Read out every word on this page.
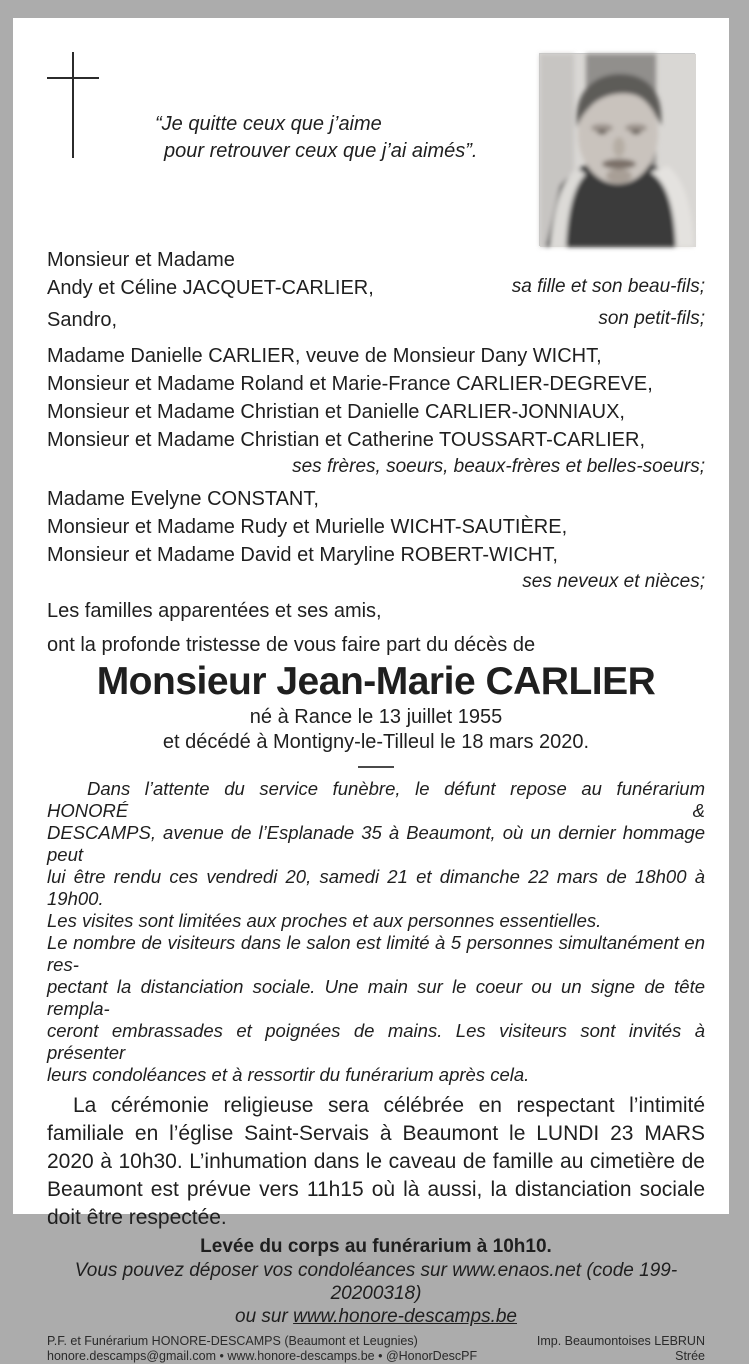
“Je quitte ceux que j’aime
pour retrouver ceux que j’ai aimés”.
Monsieur et Madame
Andy et Céline JACQUET-CARLIER,	sa fille et son beau-fils;
Sandro,	son petit-fils;
Madame Danielle CARLIER, veuve de Monsieur Dany WICHT,
Monsieur et Madame Roland et Marie-France CARLIER-DEGREVE,
Monsieur et Madame Christian et Danielle CARLIER-JONNIAUX,
Monsieur et Madame Christian et Catherine TOUSSART-CARLIER,
ses frères, soeurs, beaux-frères et belles-soeurs;
Madame Evelyne CONSTANT,
Monsieur et Madame Rudy et Murielle WICHT-SAUTIÈRE,
Monsieur et Madame David et Maryline ROBERT-WICHT,
ses neveux et nièces;
Les familles apparentées et ses amis,
ont la profonde tristesse de vous faire part du décès de
Monsieur Jean-Marie CARLIER
né à Rance le 13 juillet 1955
et décédé à Montigny-le-Tilleul le 18 mars 2020.
Dans l’attente du service funèbre, le défunt repose au funérarium HONORÉ &
DESCAMPS, avenue de l’Esplanade 35 à Beaumont, où un dernier hommage peut
lui être rendu ces vendredi 20, samedi 21 et dimanche 22 mars de 18h00 à 19h00.
Les visites sont limitées aux proches et aux personnes essentielles.
Le nombre de visiteurs dans le salon est limité à 5 personnes simultanément en res-
pectant la distanciation sociale. Une main sur le coeur ou un signe de tête rempla-
ceront embrassades et poignées de mains. Les visiteurs sont invités à présenter
leurs condoléances et à ressortir du funérarium après cela.
La cérémonie religieuse sera célébrée en respectant l’intimité
familiale en l’église Saint-Servais à Beaumont le LUNDI 23 MARS
2020 à 10h30. L’inhumation dans le caveau de famille au cimetière de
Beaumont est prévue vers 11h15 où là aussi, la distanciation sociale
doit être respectée.
Levée du corps au funérarium à 10h10.
Vous pouvez déposer vos condoléances sur www.enaos.net (code 199-20200318)
ou sur www.honore-descamps.be
P.F. et Funérarium HONORE-DESCAMPS (Beaumont et Leugnies)
honore.descamps@gmail.com • www.honore-descamps.be • @HonorDescPF
Imp. Beaumontoises LEBRUN
Strée
